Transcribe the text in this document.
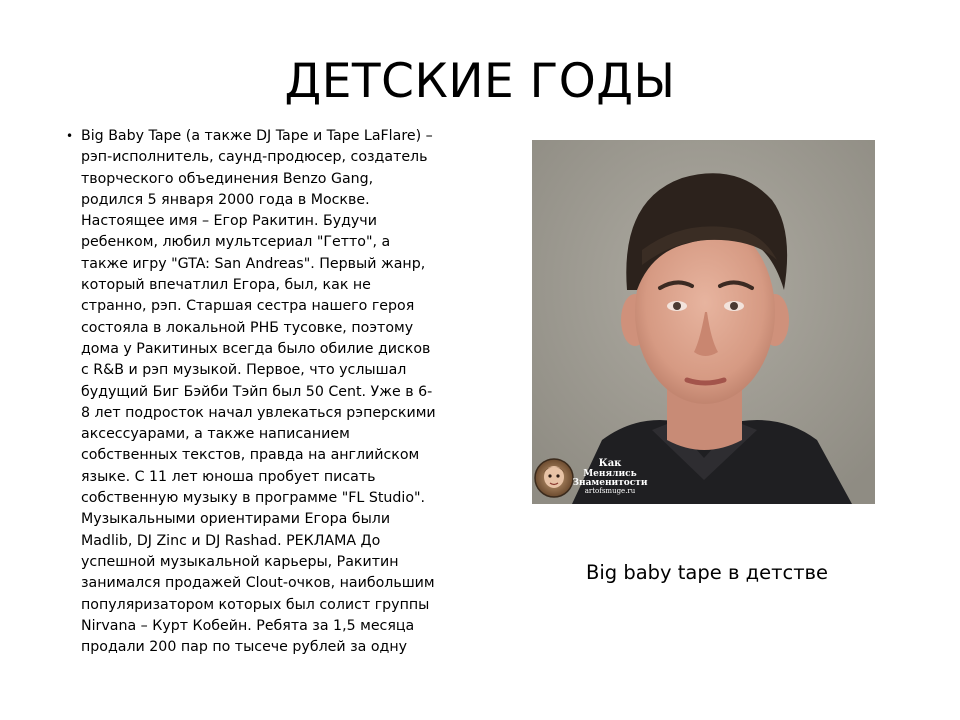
ДЕТСКИЕ ГОДЫ
• Big Baby Tape (а также DJ Tape и Tape LaFlare) – рэп-исполнитель, саунд-продюсер, создатель творческого объединения Benzo Gang, родился 5 января 2000 года в Москве. Настоящее имя – Егор Ракитин. Будучи ребенком, любил мультсериал "Гетто", а также игру "GTA: San Andreas". Первый жанр, который впечатлил Егора, был, как не странно, рэп. Старшая сестра нашего героя состояла в локальной РНБ тусовке, поэтому дома у Ракитиных всегда было обилие дисков с R&B и рэп музыкой. Первое, что услышал будущий Биг Бэйби Тэйп был 50 Cent. Уже в 6-8 лет подросток начал увлекаться рэперскими аксессуарами, а также написанием собственных текстов, правда на английском языке. С 11 лет юноша пробует писать собственную музыку в программе "FL Studio". Музыкальными ориентирами Егора были Madlib, DJ Zinc и DJ Rashad. РЕКЛАМА До успешной музыкальной карьеры, Ракитин занимался продажей Clout-очков, наибольшим популяризатором которых был солист группы Nirvana – Курт Кобейн. Ребята за 1,5 месяца продали 200 пар по тысече рублей за одну
Как
Менялись
Знаменитости
artofsmuge.ru
Big baby tape в детстве
